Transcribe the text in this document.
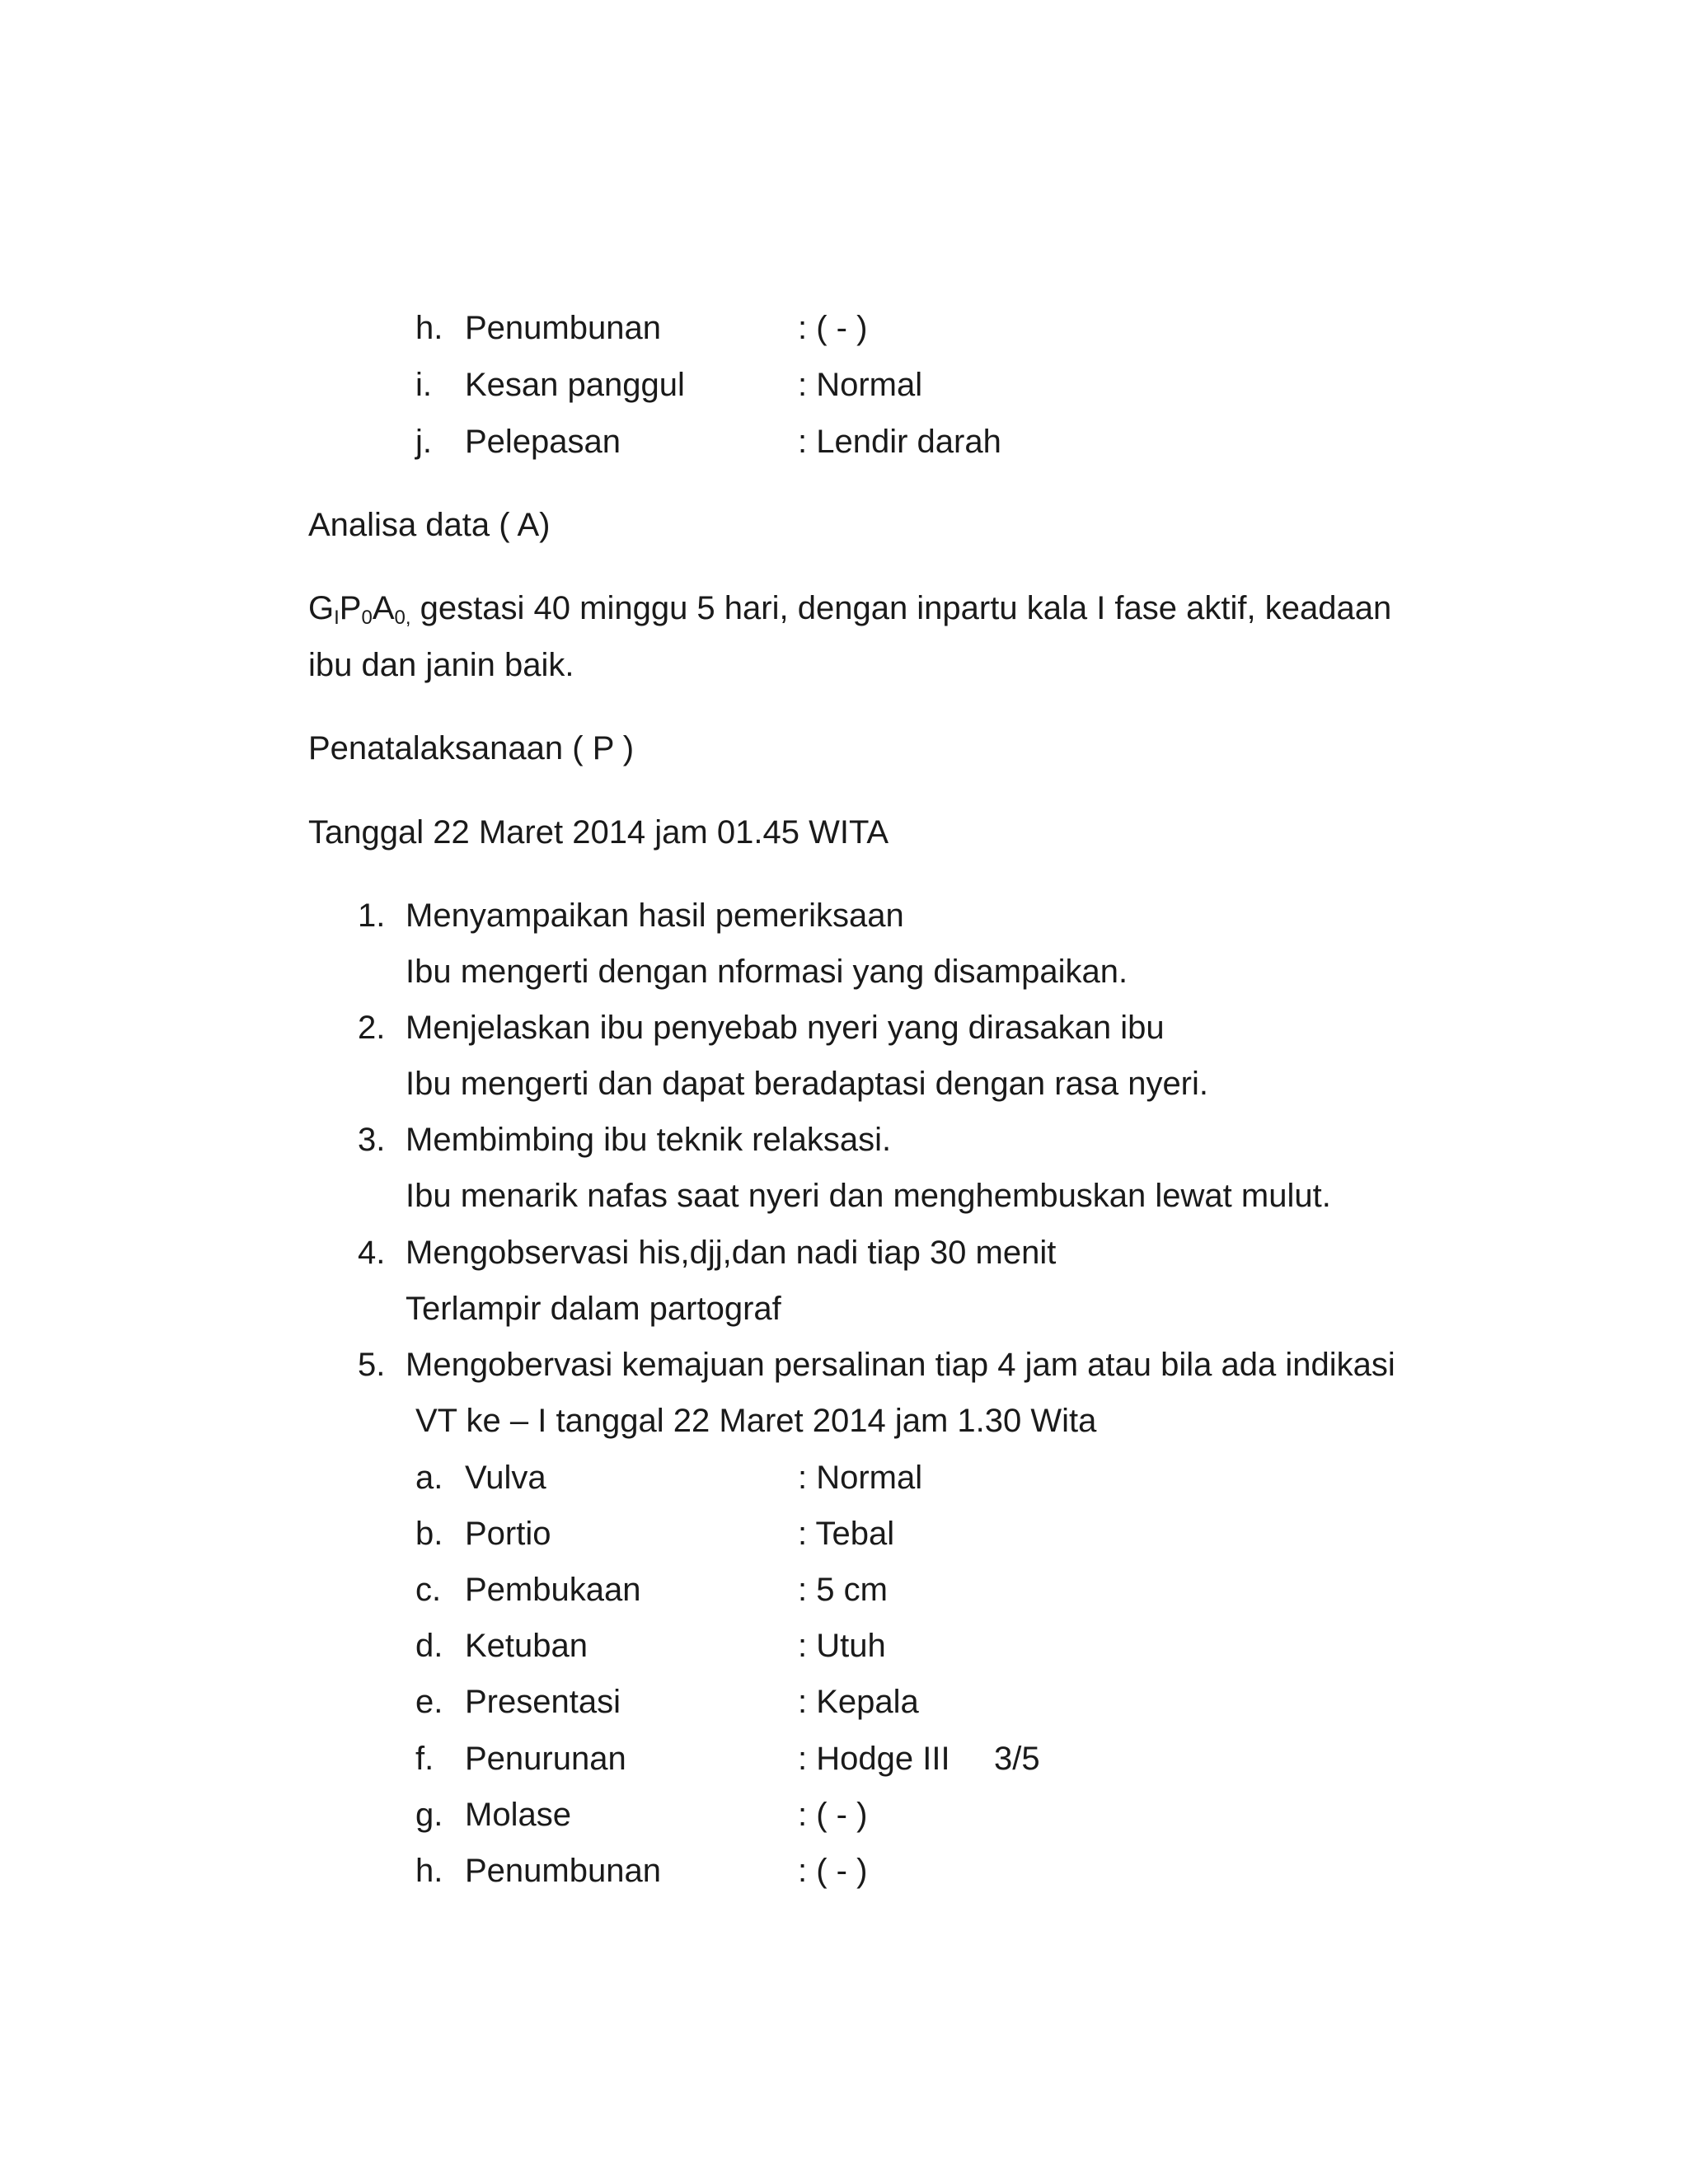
h. Penumbunan	: ( - )
i. Kesan panggul	: Normal
j. Pelepasan	: Lendir darah
Analisa data ( A)
$G_IP_0A_{0,}$ gestasi 40 minggu 5 hari, dengan inpartu kala I fase aktif, keadaan
ibu dan janin baik.
Penatalaksanaan ( P )
Tanggal 22 Maret 2014 jam 01.45 WITA
1. Menyampaikan hasil pemeriksaan
Ibu mengerti dengan nformasi yang disampaikan.
2. Menjelaskan ibu penyebab nyeri yang dirasakan ibu
Ibu mengerti dan dapat beradaptasi dengan rasa nyeri.
3. Membimbing ibu teknik relaksasi.
Ibu menarik nafas saat nyeri dan menghembuskan lewat mulut.
4. Mengobservasi his,djj,dan nadi tiap 30 menit
Terlampir dalam partograf
5. Mengobervasi kemajuan persalinan tiap 4 jam atau bila ada indikasi
VT ke – I tanggal 22 Maret 2014 jam 1.30 Wita
a. Vulva	: Normal
b. Portio	: Tebal
c. Pembukaan	: 5 cm
d. Ketuban	: Utuh
e. Presentasi	: Kepala
f. Penurunan	: Hodge III 3/5
g. Molase	: ( - )
h. Penumbunan	: ( - )
